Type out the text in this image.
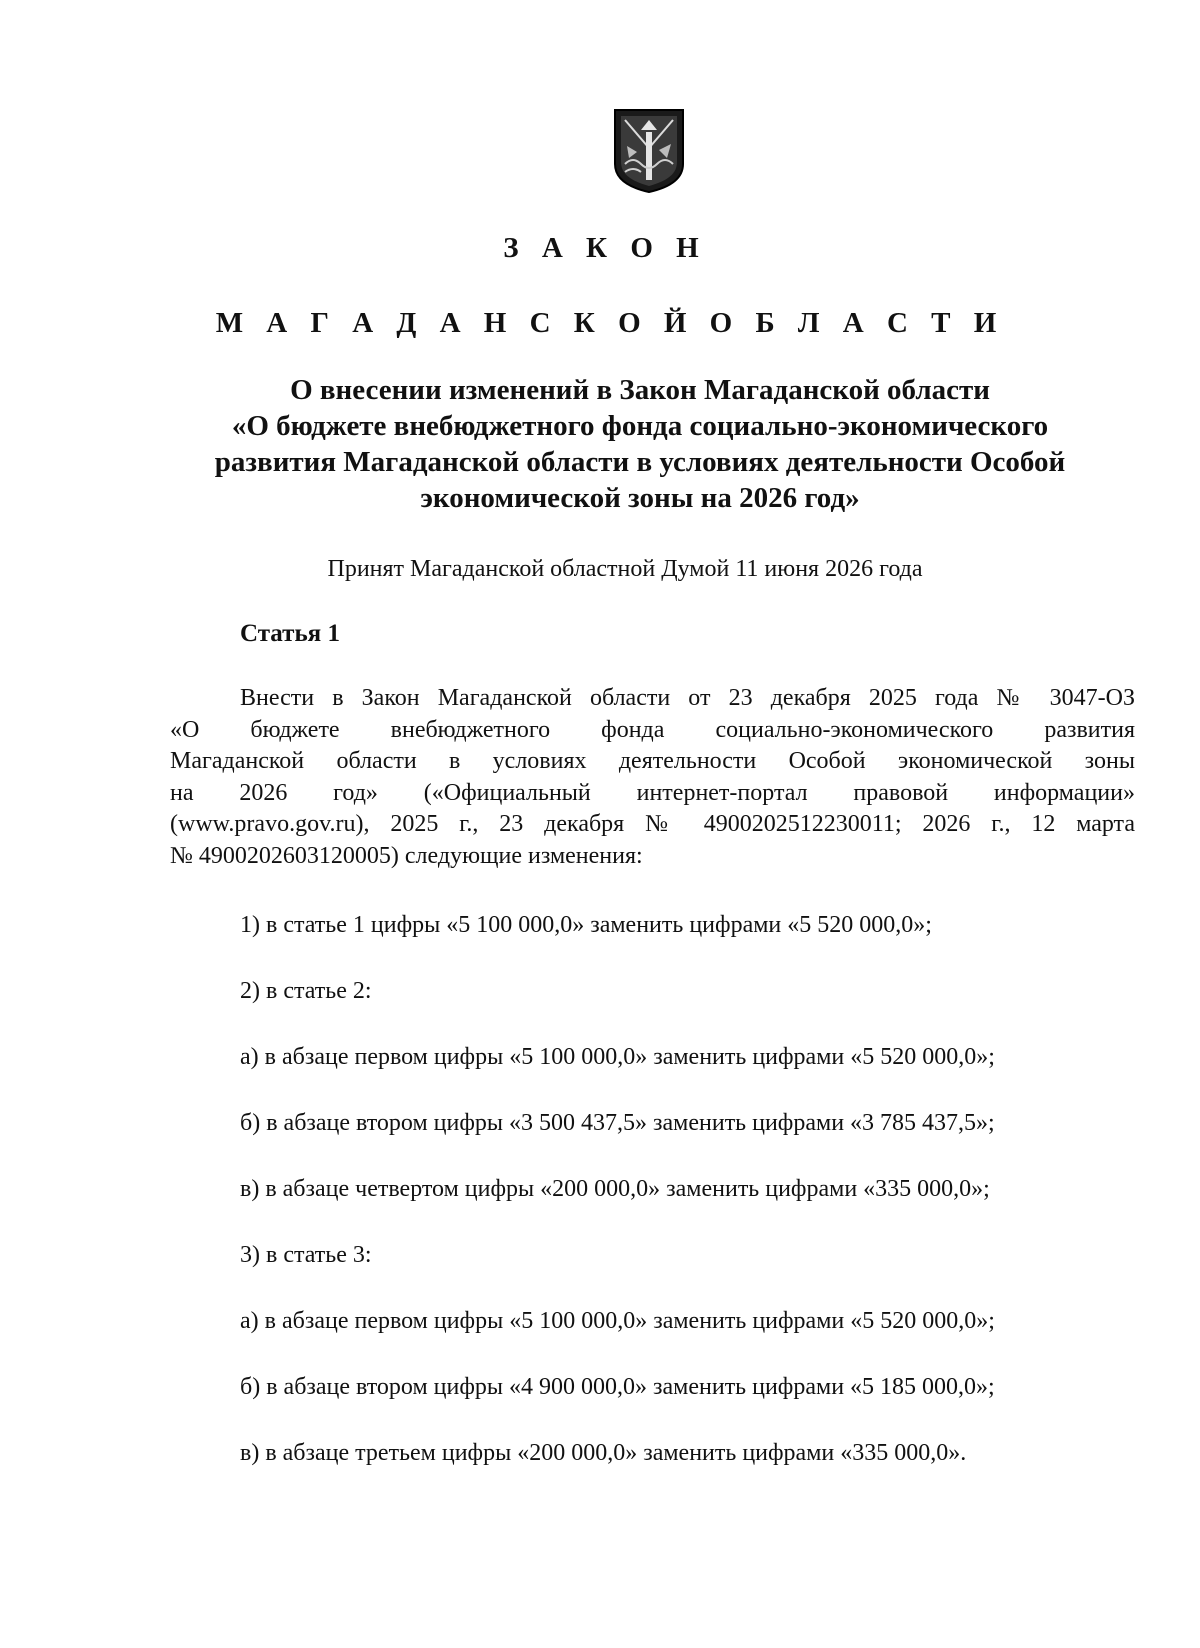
З А К О Н
М А Г А Д А Н С К О Й О Б Л А С Т И
О внесении изменений в Закон Магаданской области
«О бюджете внебюджетного фонда социально-экономического
развития Магаданской области в условиях деятельности Особой
экономической зоны на 2026 год»
Принят Магаданской областной Думой 11 июня 2026 года
Статья 1
Внести в Закон Магаданской области от 23 декабря 2025 года № 3047-ОЗ
«О бюджете внебюджетного фонда социально-экономического развития
Магаданской области в условиях деятельности Особой экономической зоны
на 2026 год» («Официальный интернет-портал правовой информации»
(www.pravo.gov.ru), 2025 г., 23 декабря № 4900202512230011; 2026 г., 12 марта
№ 4900202603120005) следующие изменения:
1) в статье 1 цифры «5 100 000,0» заменить цифрами «5 520 000,0»;
2) в статье 2:
а) в абзаце первом цифры «5 100 000,0» заменить цифрами «5 520 000,0»;
б) в абзаце втором цифры «3 500 437,5» заменить цифрами «3 785 437,5»;
в) в абзаце четвертом цифры «200 000,0» заменить цифрами «335 000,0»;
3) в статье 3:
а) в абзаце первом цифры «5 100 000,0» заменить цифрами «5 520 000,0»;
б) в абзаце втором цифры «4 900 000,0» заменить цифрами «5 185 000,0»;
в) в абзаце третьем цифры «200 000,0» заменить цифрами «335 000,0».
